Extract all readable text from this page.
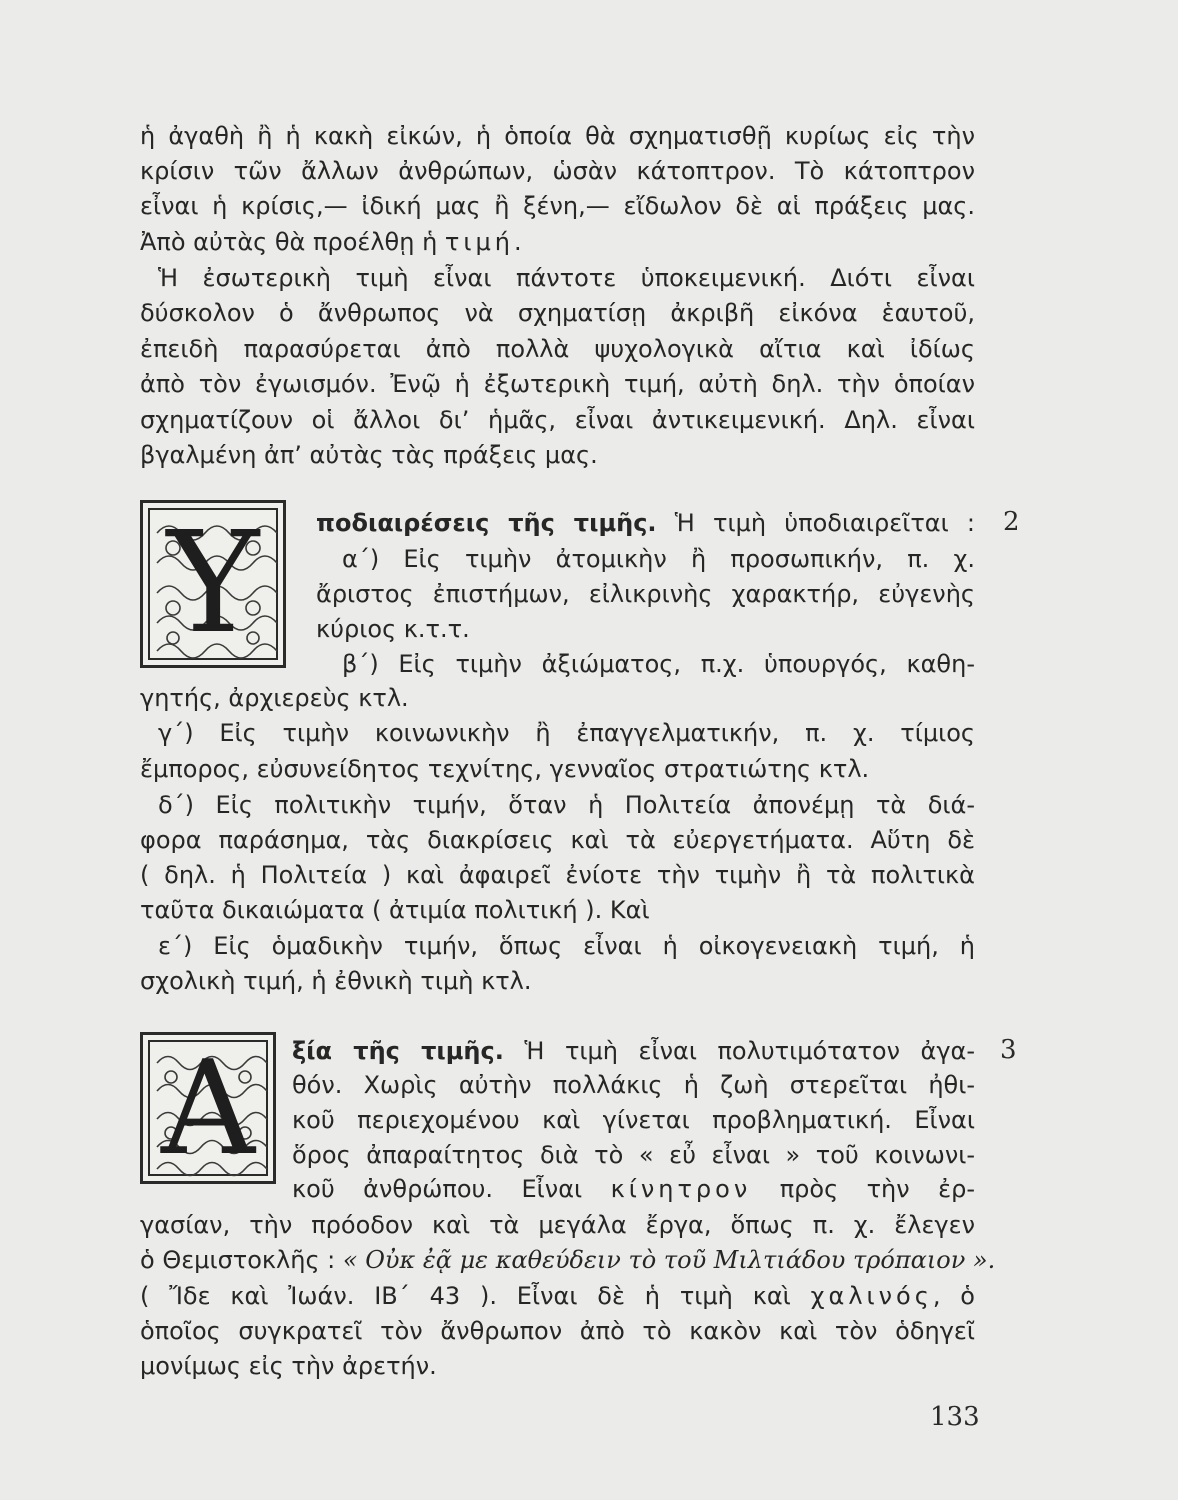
ἡ ἀγαθὴ ἢ ἡ κακὴ εἰκών, ἡ ὁποία θὰ σχηματισθῇ κυρίως εἰς τὴν
κρίσιν τῶν ἄλλων ἀνθρώπων, ὡσὰν κάτοπτρον. Τὸ κάτοπτρον
εἶναι ἡ κρίσις,— ἰδική μας ἢ ξένη,— εἴδωλον δὲ αἱ πράξεις μας.
Ἀπὸ αὐτὰς θὰ προέλθῃ ἡ τιμή.
Ἡ ἐσωτερικὴ τιμὴ εἶναι πάντοτε ὑποκειμενική. Διότι εἶναι
δύσκολον ὁ ἄνθρωπος νὰ σχηματίσῃ ἀκριβῆ εἰκόνα ἑαυτοῦ,
ἐπειδὴ παρασύρεται ἀπὸ πολλὰ ψυχολογικὰ αἴτια καὶ ἰδίως
ἀπὸ τὸν ἐγωισμόν. Ἐνῷ ἡ ἐξωτερικὴ τιμή, αὐτὴ δηλ. τὴν ὁποίαν
σχηματίζουν οἱ ἄλλοι δι’ ἡμᾶς, εἶναι ἀντικειμενική. Δηλ. εἶναι
βγαλμένη ἀπ’ αὐτὰς τὰς πράξεις μας.
Y	ποδιαιρέσεις τῆς τιμῆς. Ἡ τιμὴ ὑποδιαιρεῖται : 2
α΄) Εἰς τιμὴν ἀτομικὴν ἢ προσωπικήν, π. χ.
ἄριστος ἐπιστήμων, εἰλικρινὴς χαρακτήρ, εὐγενὴς
κύριος κ.τ.τ.
β΄) Εἰς τιμὴν ἀξιώματος, π.χ. ὑπουργός, καθη-
γητής, ἀρχιερεὺς κτλ.
γ΄) Εἰς τιμὴν κοινωνικὴν ἢ ἐπαγγελματικήν, π. χ. τίμιος
ἔμπορος, εὐσυνείδητος τεχνίτης, γενναῖος στρατιώτης κτλ.
δ΄) Εἰς πολιτικὴν τιμήν, ὅταν ἡ Πολιτεία ἀπονέμῃ τὰ διά-
φορα παράσημα, τὰς διακρίσεις καὶ τὰ εὐεργετήματα. Αὕτη δὲ
( δηλ. ἡ Πολιτεία ) καὶ ἀφαιρεῖ ἐνίοτε τὴν τιμὴν ἢ τὰ πολιτικὰ
ταῦτα δικαιώματα ( ἀτιμία πολιτική ). Καὶ
ε΄) Εἰς ὁμαδικὴν τιμήν, ὅπως εἶναι ἡ οἰκογενειακὴ τιμή, ἡ
σχολικὴ τιμή, ἡ ἐθνικὴ τιμὴ κτλ.
A	ξία τῆς τιμῆς. Ἡ τιμὴ εἶναι πολυτιμότατον ἀγα- 3
θόν. Χωρὶς αὐτὴν πολλάκις ἡ ζωὴ στερεῖται ἠθι-
κοῦ περιεχομένου καὶ γίνεται προβληματική. Εἶναι
ὅρος ἀπαραίτητος διὰ τὸ « εὖ εἶναι » τοῦ κοινωνι-
κοῦ ἀνθρώπου. Εἶναι κίνητρον πρὸς τὴν ἐρ-
γασίαν, τὴν πρόοδον καὶ τὰ μεγάλα ἔργα, ὅπως π. χ. ἔλεγεν
ὁ Θεμιστοκλῆς : « Οὐκ ἐᾷ με καθεύδειν τὸ τοῦ Μιλτιάδου τρόπαιον ».
( Ἴδε καὶ Ἰωάν. ΙΒ΄ 43 ). Εἶναι δὲ ἡ τιμὴ καὶ χαλινός, ὁ
ὁποῖος συγκρατεῖ τὸν ἄνθρωπον ἀπὸ τὸ κακὸν καὶ τὸν ὁδηγεῖ
μονίμως εἰς τὴν ἀρετήν.
133
